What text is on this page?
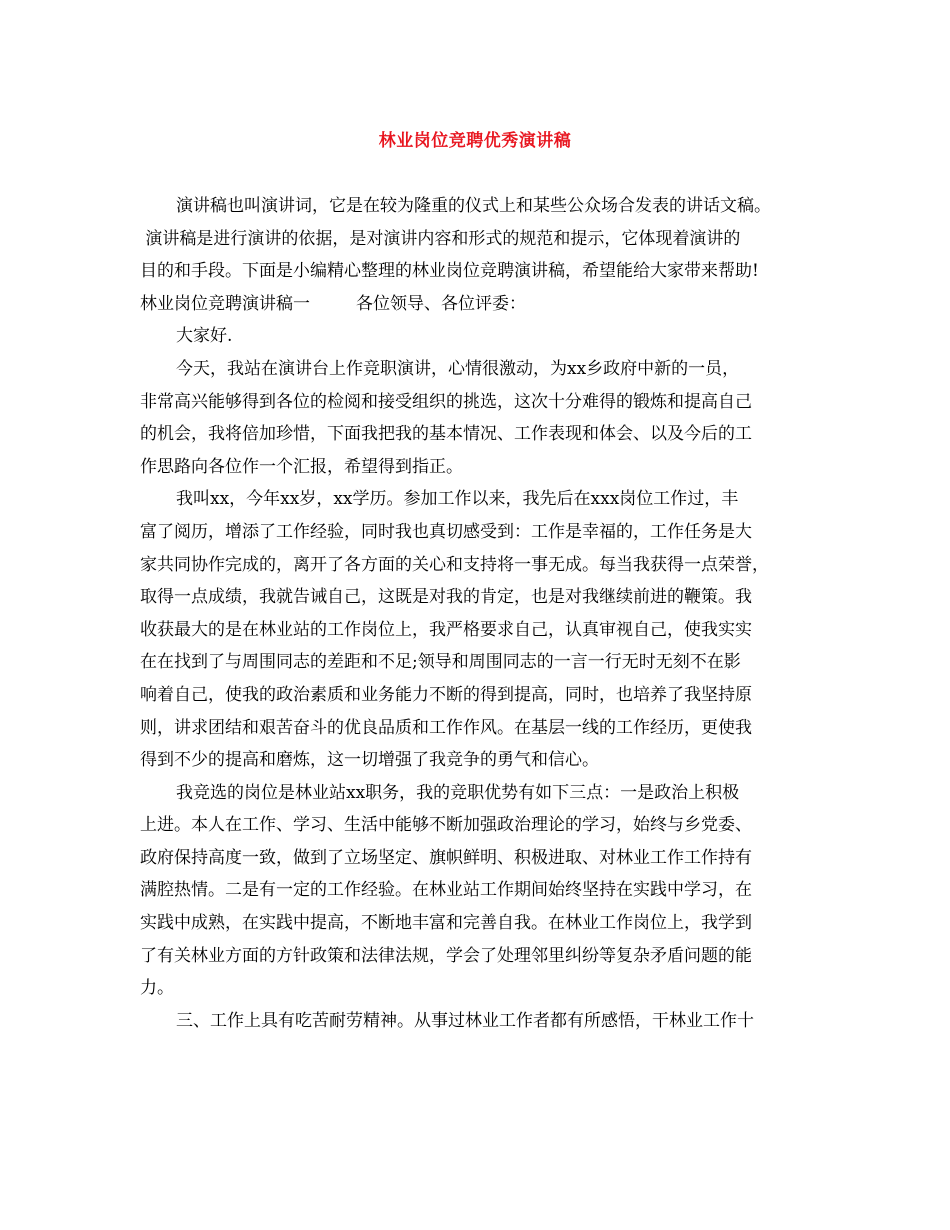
林业岗位竞聘优秀演讲稿
演讲稿也叫演讲词，它是在较为隆重的仪式上和某些公众场合发表的讲话文稿。
演讲稿是进行演讲的依据，是对演讲内容和形式的规范和提示，它体现着演讲的
目的和手段。下面是小编精心整理的林业岗位竞聘演讲稿，希望能给大家带来帮助!
林业岗位竞聘演讲稿一	各位领导、各位评委：
大家好.
今天，我站在演讲台上作竞职演讲，心情很激动，为xx乡政府中新的一员，
非常高兴能够得到各位的检阅和接受组织的挑选，这次十分难得的锻炼和提高自己
的机会，我将倍加珍惜，下面我把我的基本情况、工作表现和体会、以及今后的工
作思路向各位作一个汇报，希望得到指正。
我叫xx，今年xx岁，xx学历。参加工作以来，我先后在xxx岗位工作过，丰
富了阅历，增添了工作经验，同时我也真切感受到：工作是幸福的，工作任务是大
家共同协作完成的，离开了各方面的关心和支持将一事无成。每当我获得一点荣誉，
取得一点成绩，我就告诫自己，这既是对我的肯定，也是对我继续前进的鞭策。我
收获最大的是在林业站的工作岗位上，我严格要求自己，认真审视自己，使我实实
在在找到了与周围同志的差距和不足;领导和周围同志的一言一行无时无刻不在影
响着自己，使我的政治素质和业务能力不断的得到提高，同时，也培养了我坚持原
则，讲求团结和艰苦奋斗的优良品质和工作作风。在基层一线的工作经历，更使我
得到不少的提高和磨炼，这一切增强了我竞争的勇气和信心。
我竞选的岗位是林业站xx职务，我的竞职优势有如下三点：一是政治上积极
上进。本人在工作、学习、生活中能够不断加强政治理论的学习，始终与乡党委、
政府保持高度一致，做到了立场坚定、旗帜鲜明、积极进取、对林业工作工作持有
满腔热情。二是有一定的工作经验。在林业站工作期间始终坚持在实践中学习，在
实践中成熟，在实践中提高，不断地丰富和完善自我。在林业工作岗位上，我学到
了有关林业方面的方针政策和法律法规，学会了处理邻里纠纷等复杂矛盾问题的能
力。
三、工作上具有吃苦耐劳精神。从事过林业工作者都有所感悟，干林业工作十
